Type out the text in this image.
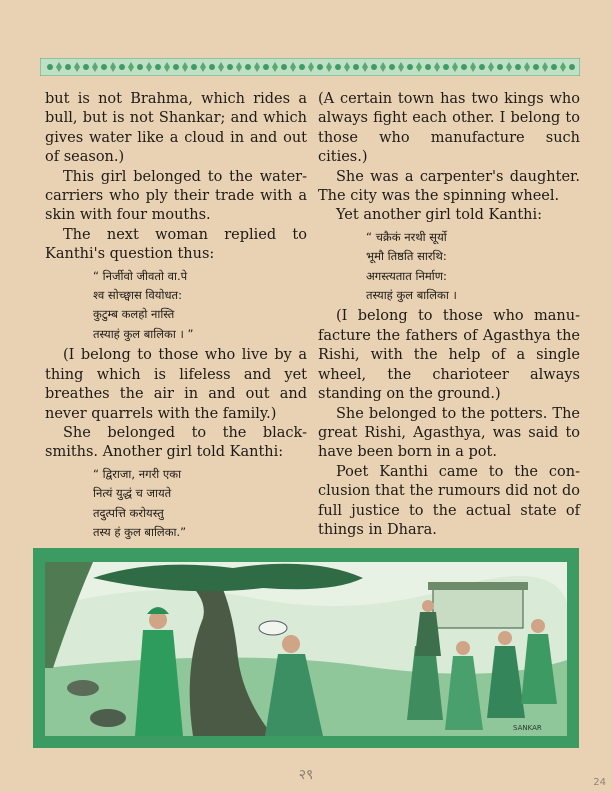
but is not Brahma, which rides a bull, but is not Shankar; and which gives water like a cloud in and out of season.)

This girl belonged to the water-carriers who ply their trade with a skin with four mouths.

The next woman replied to Kanthi's question thus:

“ निर्जीवो जीवतो वा.पे
श्व सोच्छ्वास वियोधत:
कुटुम्ब कलहो नास्ति
तस्याहं कुल बालिका । ”

(I belong to those who live by a thing which is lifeless and yet breathes the air in and out and never quarrels with the family.)

She belonged to the black-smiths. Another girl told Kanthi:

“ द्विराजा, नगरी एका
नित्यं युद्धं च जायते
तदुत्पत्ति करोयस्तु
तस्य हं कुल बालिका.”

(A certain town has two kings who always fight each other. I belong to those who manufacture such cities.)

She was a carpenter's daughter. The city was the spinning wheel.

Yet another girl told Kanthi:

“ चक्रैकं नरथी सूर्यो
भूमौ तिष्ठति सारथि:
अगस्त्यतात निर्माण:
तस्याहं कुल बालिका ।

(I belong to those who manu-facture the fathers of Agasthya the Rishi, with the help of a single wheel, the charioteer always standing on the ground.)

She belonged to the potters. The great Rishi, Agasthya, was said to have been born in a pot.

Poet Kanthi came to the con-clusion that the rumours did not do full justice to the actual state of things in Dhara.

SANKAR
२९	24
